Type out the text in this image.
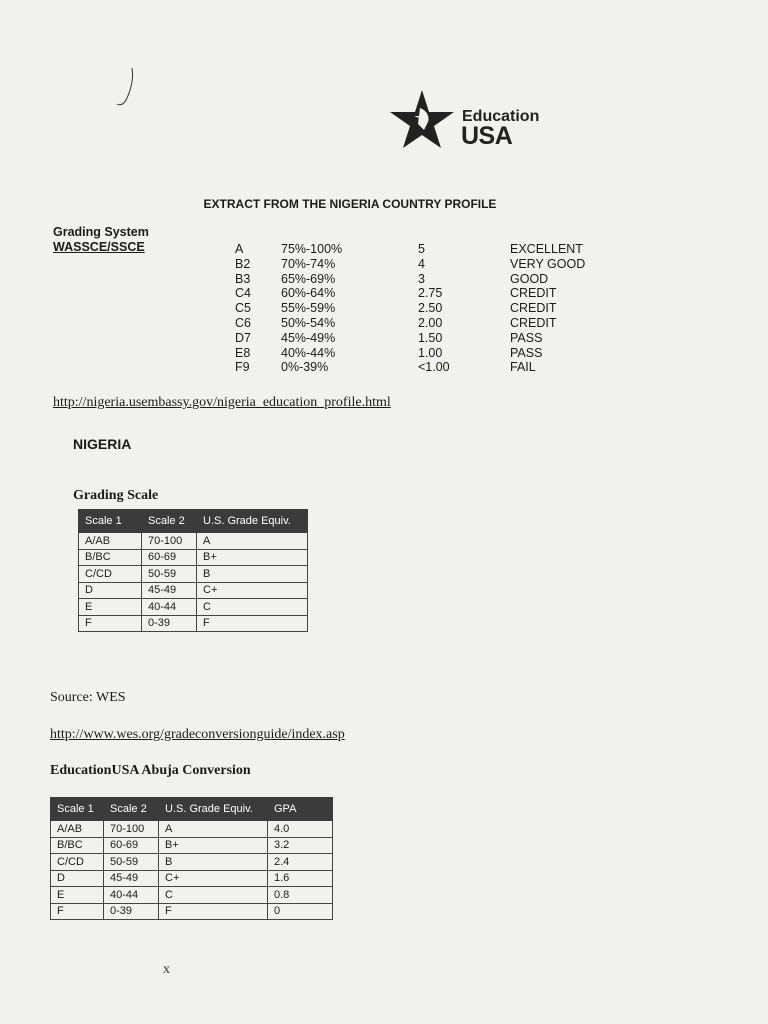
x
Education
USA
EXTRACT FROM THE NIGERIA COUNTRY PROFILE
Grading System
WASSCE/SSCE	A	75%-100%	5	EXCELLENT
B2 70%-74%	4	VERY GOOD
B3 65%-69%	3	GOOD
C4 60%-64%	2.75	CREDIT
C5 55%-59%	2.50	CREDIT
C6 50%-54%	2.00	CREDIT
D7 45%-49%	1.50	PASS
E8 40%-44%	1.00	PASS
F9	0%-39%	<1.00	FAIL
http://nigeria.usembassy.gov/nigeria_education_profile.html
NIGERIA
Grading Scale
Scale 1	Scale 2	U.S. Grade Equiv.
A/AB	70-100	A
B/BC	60-69	B+
C/CD	50-59	B
D	45-49	C+
E	40-44	C
F	0-39	F
Source: WES
http://www.wes.org/gradeconversionguide/index.asp
EducationUSA Abuja Conversion
Scale 1	Scale 2	U.S. Grade Equiv.	GPA
A/AB	70-100	A	4.0
B/BC	60-69	B+	3.2
C/CD	50-59	B	2.4
D	45-49	C+	1.6
E	40-44	C	0.8
F	0-39	F	0
